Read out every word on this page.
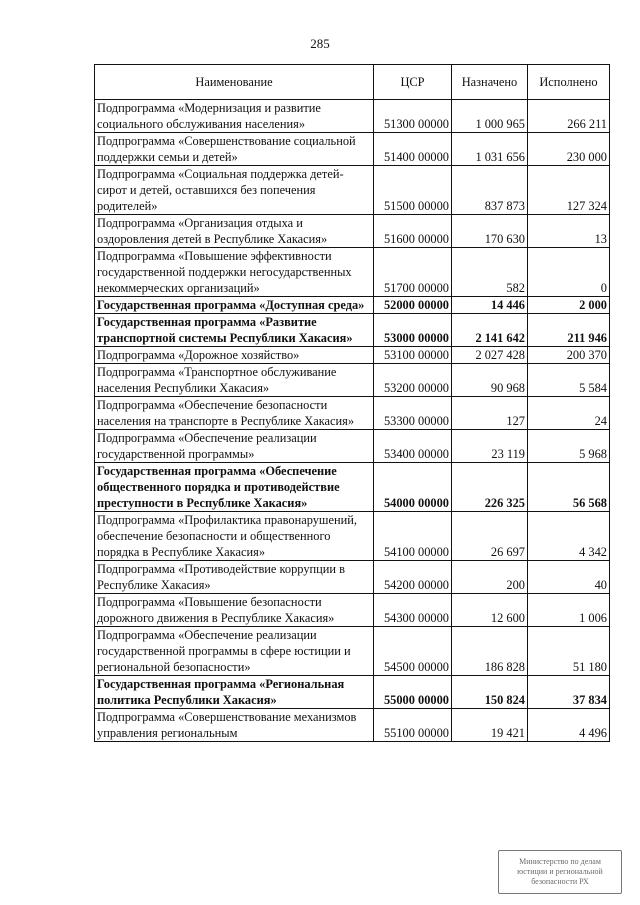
285
Наименование	ЦСР	Назначено	Исполнено
Подпрограмма «Модернизация и развитие социального обслуживания населения»	51300 00000	1 000 965	266 211
Подпрограмма «Совершенствование социальной поддержки семьи и детей»	51400 00000	1 031 656	230 000
Подпрограмма «Социальная поддержка детей-сирот и детей, оставшихся без попечения родителей»	51500 00000	837 873	127 324
Подпрограмма «Организация отдыха и оздоровления детей в Республике Хакасия»	51600 00000	170 630	13
Подпрограмма «Повышение эффективности государственной поддержки негосударственных некоммерческих организаций»	51700 00000	582	0
Государственная программа «Доступная среда»	52000 00000	14 446	2 000
Государственная программа «Развитие транспортной системы Республики Хакасия»	53000 00000	2 141 642	211 946
Подпрограмма «Дорожное хозяйство»	53100 00000	2 027 428	200 370
Подпрограмма «Транспортное обслуживание населения Республики Хакасия»	53200 00000	90 968	5 584
Подпрограмма «Обеспечение безопасности населения на транспорте в Республике Хакасия»	53300 00000	127	24
Подпрограмма «Обеспечение реализации государственной программы»	53400 00000	23 119	5 968
Государственная программа «Обеспечение общественного порядка и противодействие преступности в Республике Хакасия»	54000 00000	226 325	56 568
Подпрограмма «Профилактика правонарушений, обеспечение безопасности и общественного порядка в Республике Хакасия»	54100 00000	26 697	4 342
Подпрограмма «Противодействие коррупции в Республике Хакасия»	54200 00000	200	40
Подпрограмма «Повышение безопасности дорожного движения в Республике Хакасия»	54300 00000	12 600	1 006
Подпрограмма «Обеспечение реализации государственной программы в сфере юстиции и региональной безопасности»	54500 00000	186 828	51 180
Государственная программа «Региональная политика Республики Хакасия»	55000 00000	150 824	37 834
Подпрограмма «Совершенствование механизмов управления региональным	55100 00000	19 421	4 496
Министерство по делам
юстиции и региональной
безопасности РХ
